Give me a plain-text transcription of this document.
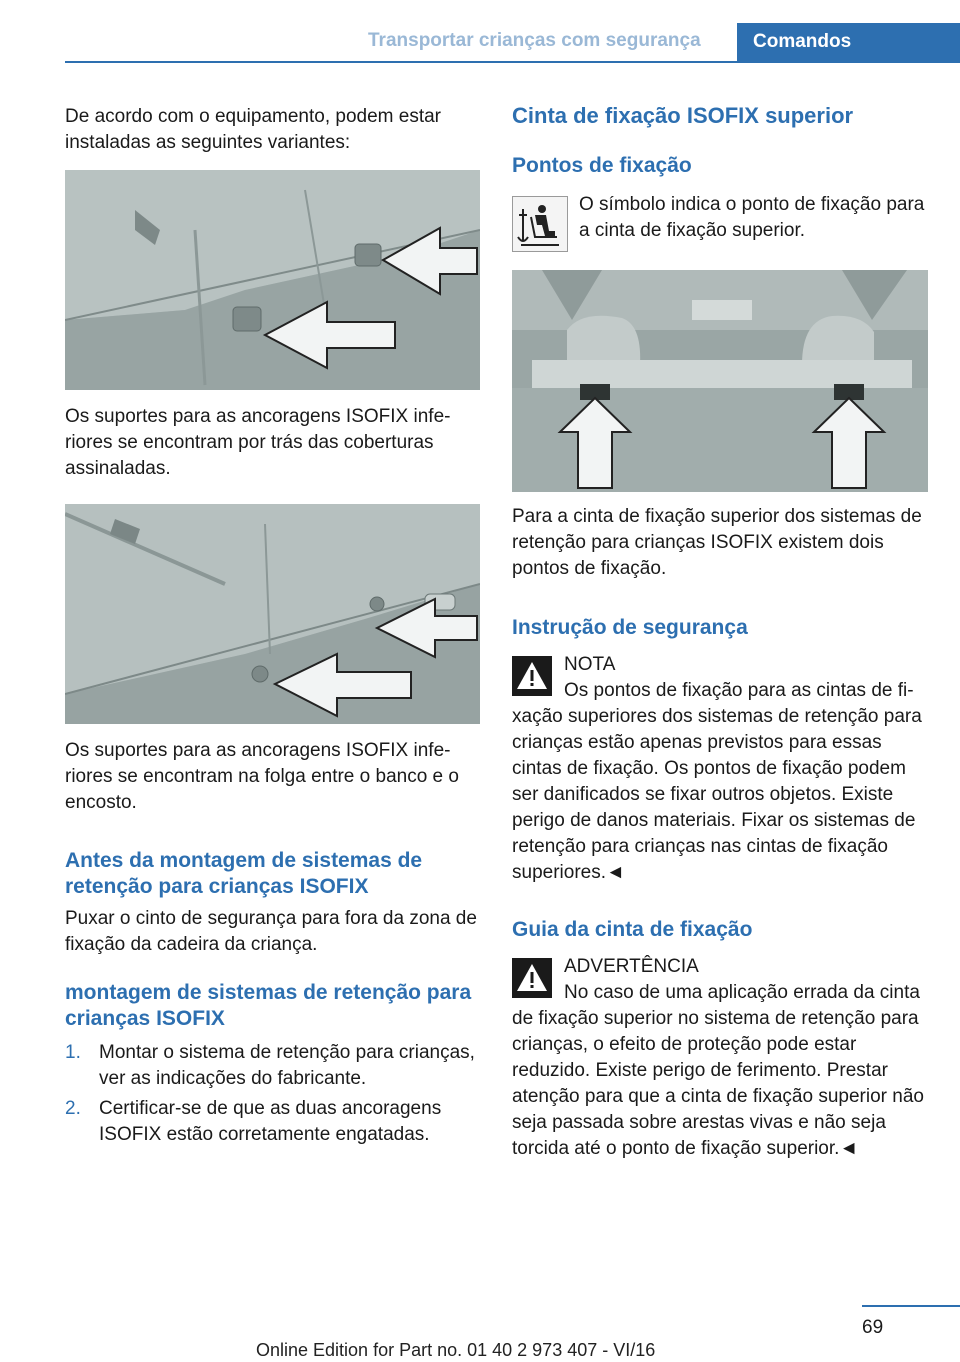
Transportar crianças com segurança	Comandos
De acordo com o equipamento, podem estar instaladas as seguintes variantes:
Os suportes para as ancoragens ISOFIX inferiores se encontram por trás das coberturas assinaladas.
Os suportes para as ancoragens ISOFIX inferiores se encontram na folga entre o banco e o encosto.
Antes da montagem de sistemas de retenção para crianças ISOFIX
Puxar o cinto de segurança para fora da zona de fixação da cadeira da criança.
montagem de sistemas de retenção para crianças ISOFIX
1. Montar o sistema de retenção para crianças, ver as indicações do fabricante.
2. Certificar-se de que as duas ancoragens ISOFIX estão corretamente engatadas.
Cinta de fixação ISOFIX superior
Pontos de fixação
O símbolo indica o ponto de fixação para a cinta de fixação superior.
Para a cinta de fixação superior dos sistemas de retenção para crianças ISOFIX existem dois pontos de fixação.
Instrução de segurança
NOTA
Os pontos de fixação para as cintas de fixação superiores dos sistemas de retenção para crianças estão apenas previstos para essas cintas de fixação. Os pontos de fixação podem ser danificados se fixar outros objetos. Existe perigo de danos materiais. Fixar os sistemas de retenção para crianças nas cintas de fixação superiores.◄
Guia da cinta de fixação
ADVERTÊNCIA
No caso de uma aplicação errada da cinta de fixação superior no sistema de retenção para crianças, o efeito de proteção pode estar reduzido. Existe perigo de ferimento. Prestar atenção para que a cinta de fixação superior não seja passada sobre arestas vivas e não seja torcida até o ponto de fixação superior.◄
69
Online Edition for Part no. 01 40 2 973 407 - VI/16
